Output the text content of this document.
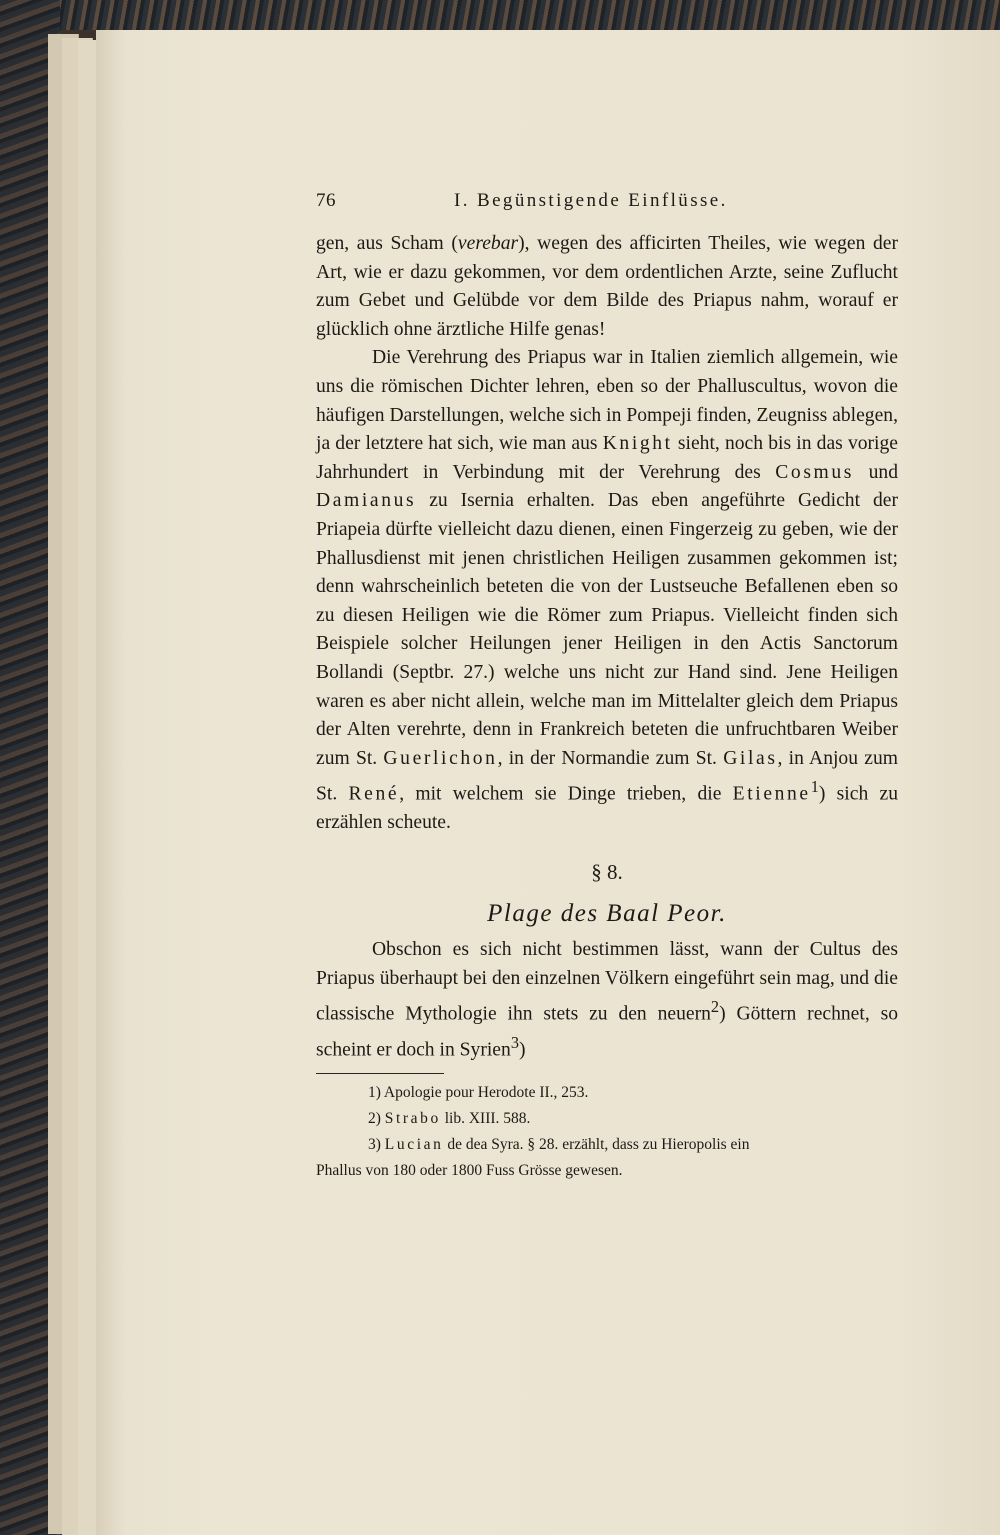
76	I. Begünstigende Einflüsse.

gen, aus Scham (verebar), wegen des afficirten Theiles, wie wegen der Art, wie er dazu gekommen, vor dem ordentlichen Arzte, seine Zuflucht zum Gebet und Gelübde vor dem Bilde des Priapus nahm, worauf er glücklich ohne ärztliche Hilfe genas!

Die Verehrung des Priapus war in Italien ziemlich allgemein, wie uns die römischen Dichter lehren, eben so der Phalluscultus, wovon die häufigen Darstellungen, welche sich in Pompeji finden, Zeugniss ablegen, ja der letztere hat sich, wie man aus Knight sieht, noch bis in das vorige Jahrhundert in Verbindung mit der Verehrung des Cosmus und Damianus zu Isernia erhalten. Das eben angeführte Gedicht der Priapeia dürfte vielleicht dazu dienen, einen Fingerzeig zu geben, wie der Phallusdienst mit jenen christlichen Heiligen zusammen gekommen ist; denn wahrscheinlich beteten die von der Lustseuche Befallenen eben so zu diesen Heiligen wie die Römer zum Priapus. Vielleicht finden sich Beispiele solcher Heilungen jener Heiligen in den Actis Sanctorum Bollandi (Septbr. 27.) welche uns nicht zur Hand sind. Jene Heiligen waren es aber nicht allein, welche man im Mittelalter gleich dem Priapus der Alten verehrte, denn in Frankreich beteten die unfruchtbaren Weiber zum St. Guerlichon, in der Normandie zum St. Gilas, in Anjou zum St. René, mit welchem sie Dinge trieben, die Etienne$^1$) sich zu erzählen scheute.

§ 8.
Plage des Baal Peor.

Obschon es sich nicht bestimmen lässt, wann der Cultus des Priapus überhaupt bei den einzelnen Völkern eingeführt sein mag, und die classische Mythologie ihn stets zu den neuern$^2$) Göttern rechnet, so scheint er doch in Syrien$^3$)

1) Apologie pour Herodote II., 253.

2) Strabo lib. XIII. 588.

3) Lucian de dea Syra. § 28. erzählt, dass zu Hieropolis ein

Phallus von 180 oder 1800 Fuss Grösse gewesen.
